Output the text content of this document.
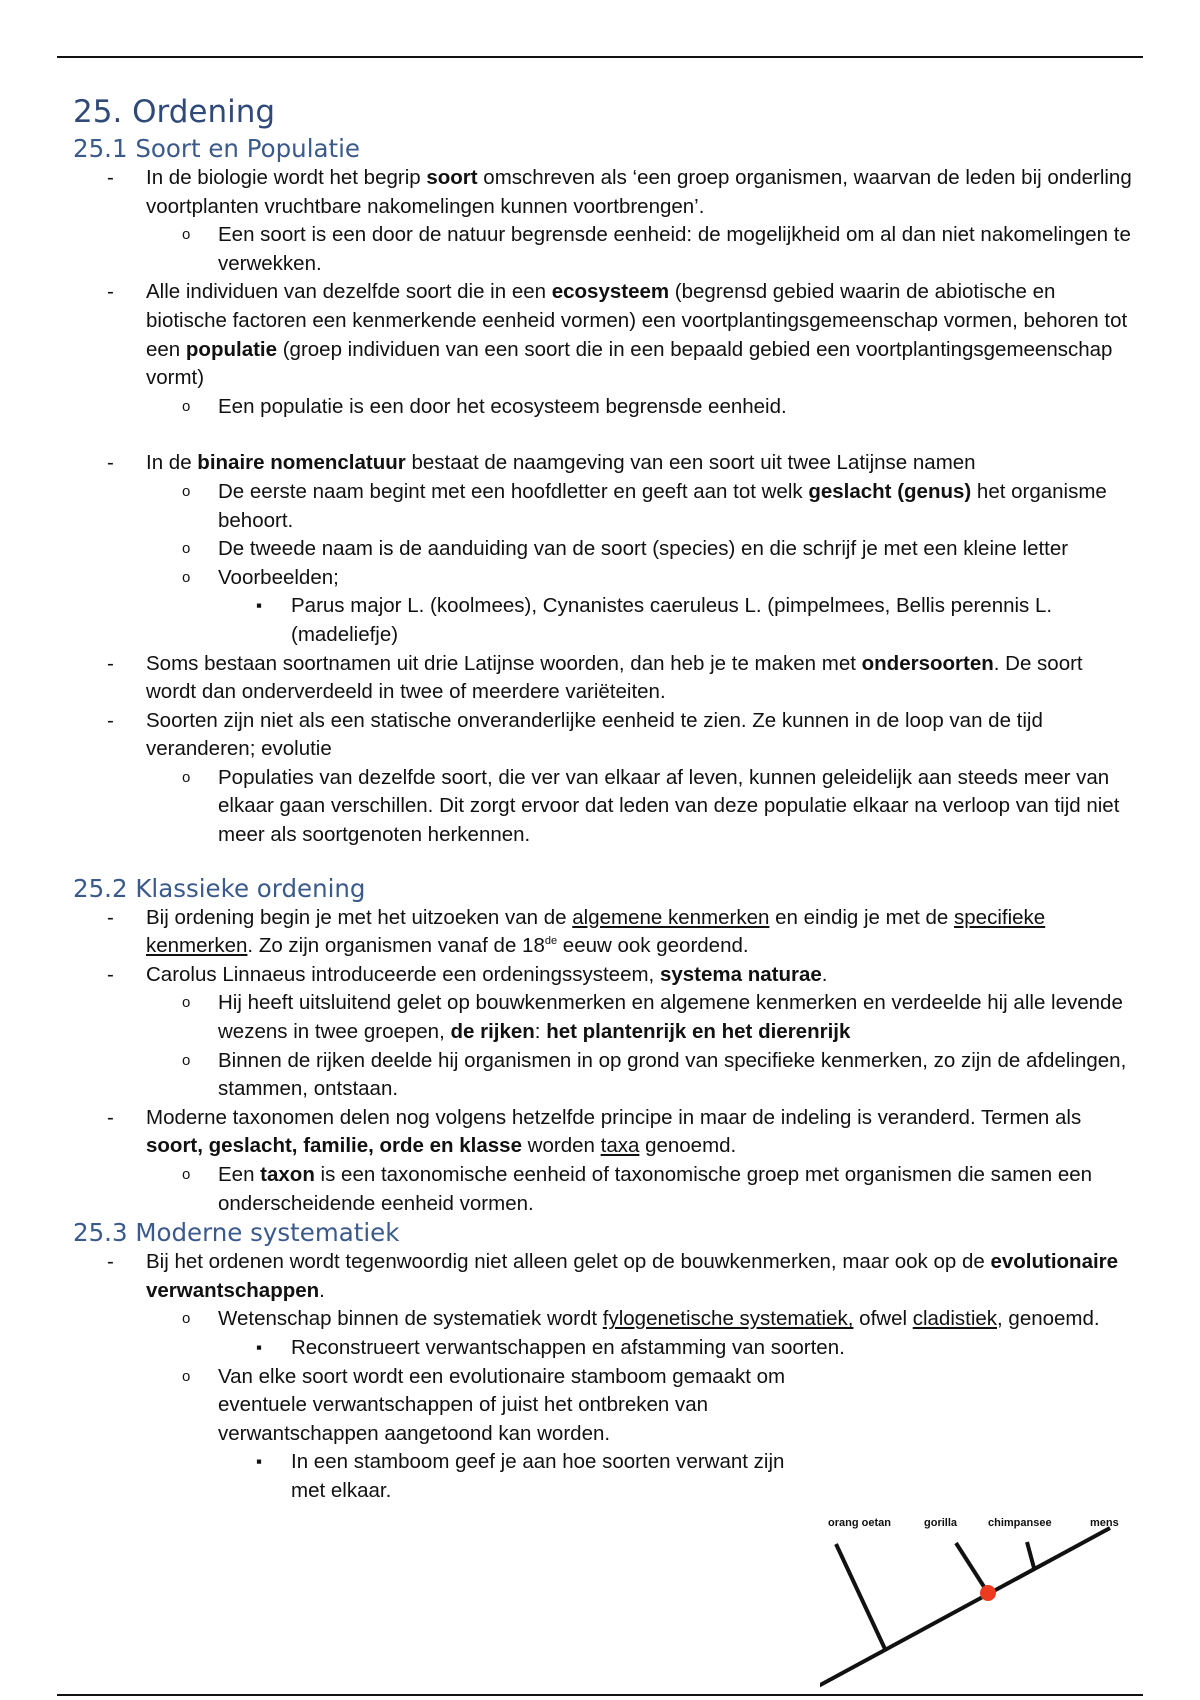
25. Ordening
25.1 Soort en Populatie

- In de biologie wordt het begrip soort omschreven als ‘een groep organismen, waarvan de leden bij onderling voortplanten vruchtbare nakomelingen kunnen voortbrengen’.

o Een soort is een door de natuur begrensde eenheid: de mogelijkheid om al dan niet nakomelingen te verwekken.

- Alle individuen van dezelfde soort die in een ecosysteem (begrensd gebied waarin de abiotische en biotische factoren een kenmerkende eenheid vormen) een voortplantingsgemeenschap vormen, behoren tot een populatie (groep individuen van een soort die in een bepaald gebied een voortplantingsgemeenschap vormt)

o Een populatie is een door het ecosysteem begrensde eenheid.

- In de binaire nomenclatuur bestaat de naamgeving van een soort uit twee Latijnse namen

o De eerste naam begint met een hoofdletter en geeft aan tot welk geslacht (genus) het organisme behoort.

o De tweede naam is de aanduiding van de soort (species) en die schrijf je met een kleine letter

o Voorbeelden;

▪ Parus major L. (koolmees), Cynanistes caeruleus L. (pimpelmees, Bellis perennis L. (madeliefje)

- Soms bestaan soortnamen uit drie Latijnse woorden, dan heb je te maken met ondersoorten. De soort wordt dan onderverdeeld in twee of meerdere variëteiten.

- Soorten zijn niet als een statische onveranderlijke eenheid te zien. Ze kunnen in de loop van de tijd veranderen; evolutie

o Populaties van dezelfde soort, die ver van elkaar af leven, kunnen geleidelijk aan steeds meer van elkaar gaan verschillen. Dit zorgt ervoor dat leden van deze populatie elkaar na verloop van tijd niet meer als soortgenoten herkennen.

25.2 Klassieke ordening

- Bij ordening begin je met het uitzoeken van de algemene kenmerken en eindig je met de specifieke kenmerken. Zo zijn organismen vanaf de 18de eeuw ook geordend.

- Carolus Linnaeus introduceerde een ordeningssysteem, systema naturae.

o Hij heeft uitsluitend gelet op bouwkenmerken en algemene kenmerken en verdeelde hij alle levende wezens in twee groepen, de rijken: het plantenrijk en het dierenrijk

o Binnen de rijken deelde hij organismen in op grond van specifieke kenmerken, zo zijn de afdelingen, stammen, ontstaan.

- Moderne taxonomen delen nog volgens hetzelfde principe in maar de indeling is veranderd. Termen als soort, geslacht, familie, orde en klasse worden taxa genoemd.

o Een taxon is een taxonomische eenheid of taxonomische groep met organismen die samen een onderscheidende eenheid vormen.

25.3 Moderne systematiek

- Bij het ordenen wordt tegenwoordig niet alleen gelet op de bouwkenmerken, maar ook op de evolutionaire verwantschappen.

o Wetenschap binnen de systematiek wordt fylogenetische systematiek, ofwel cladistiek, genoemd.

▪ Reconstrueert verwantschappen en afstamming van soorten.

o Van elke soort wordt een evolutionaire stamboom gemaakt om eventuele verwantschappen of juist het ontbreken van verwantschappen aangetoond kan worden.

▪ In een stamboom geef je aan hoe soorten verwant zijn met elkaar.

orang oetan	gorilla	chimpansee	mens
